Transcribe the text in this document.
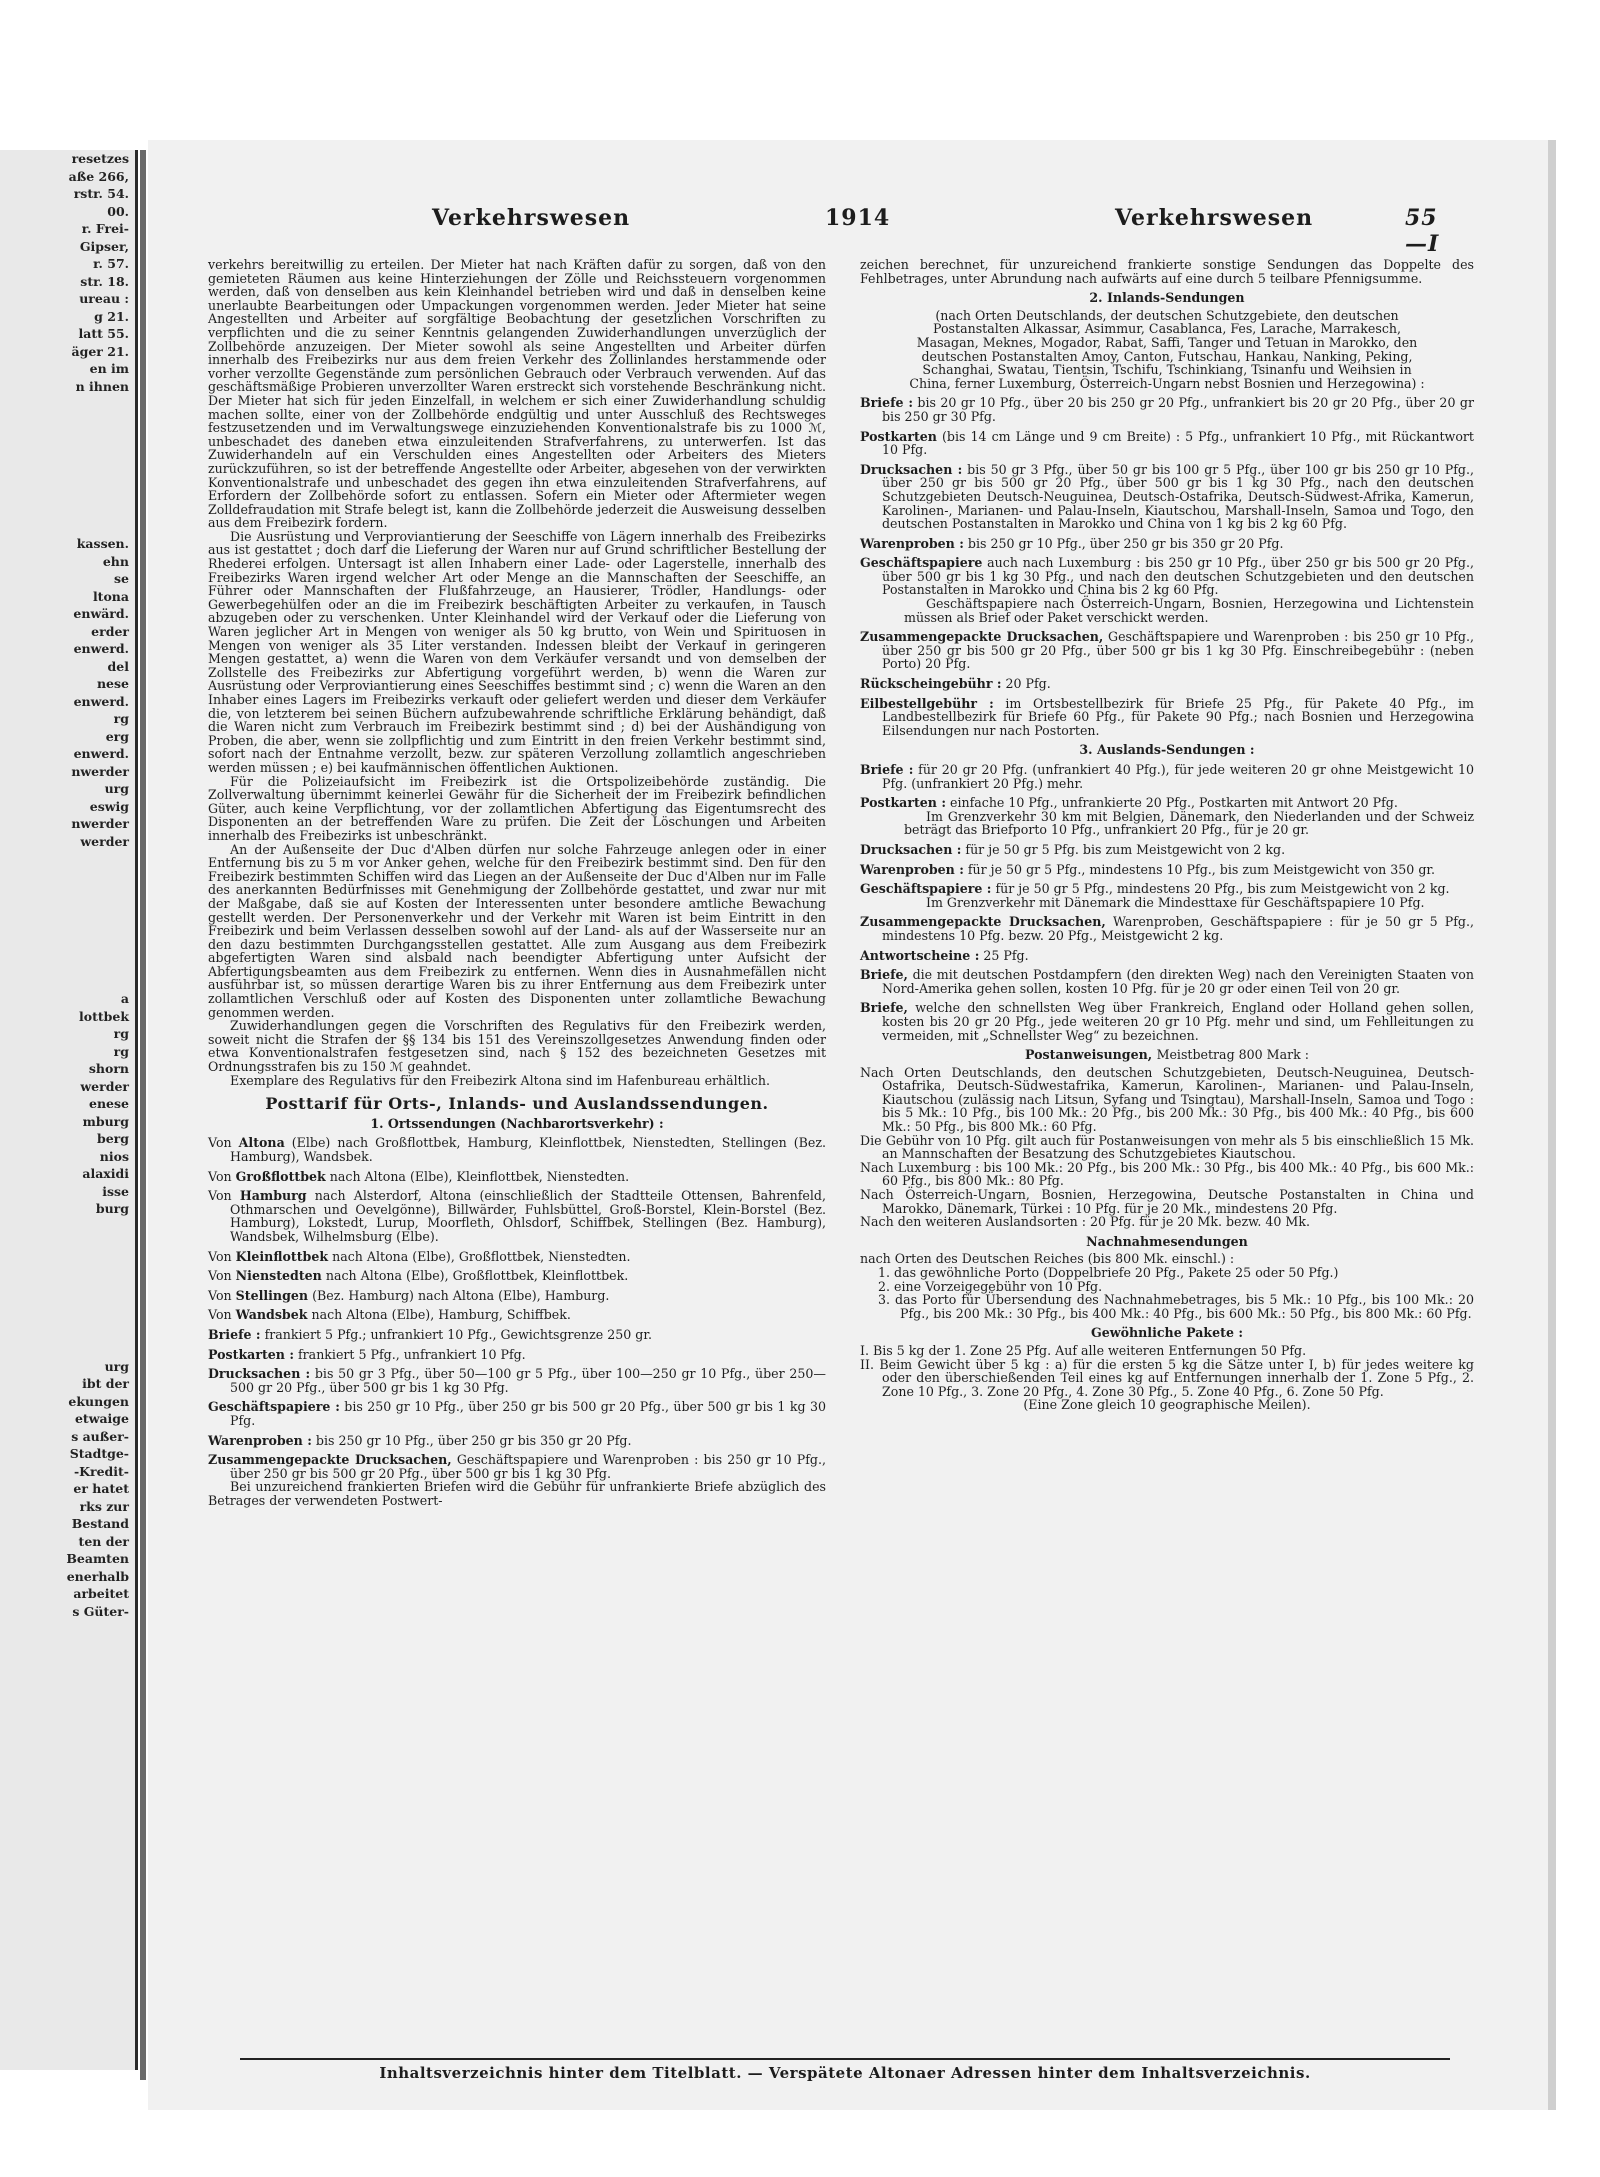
resetzes
aße 266,
rstr. 54.
00.
r. Frei-
Gipser,
r. 57.
str. 18.
ureau :
g 21.
latt 55.
äger 21.
en im
n ihnen
kassen.
ehn
se
ltona
enwärd.
erder
enwerd.
del
nese
enwerd.
rg
erg
enwerd.
nwerder
urg
eswig
nwerder
werder
a
lottbek
rg
rg
shorn
werder
enese
mburg
berg
nios
alaxidi
isse
burg
urg
ibt der
ekungen
etwaige
s außer-
Stadtge-
-Kredit-
er hatet
rks zur
Bestand
ten der
Beamten
enerhalb
arbeitet
s Güter-
Verkehrswesen	1914	Verkehrswesen	55—I

verkehrs bereitwillig zu erteilen. Der Mieter hat nach Kräften dafür zu sorgen, daß von den gemieteten Räumen aus keine Hinterziehungen der Zölle und Reichssteuern vorgenommen werden, daß von denselben aus kein Kleinhandel betrieben wird und daß in denselben keine unerlaubte Bearbeitungen oder Umpackungen vorgenommen werden. Jeder Mieter hat seine Angestellten und Arbeiter auf sorgfältige Beobachtung der gesetzlichen Vorschriften zu verpflichten und die zu seiner Kenntnis gelangenden Zuwiderhandlungen unverzüglich der Zollbehörde anzuzeigen. Der Mieter sowohl als seine Angestellten und Arbeiter dürfen innerhalb des Freibezirks nur aus dem freien Verkehr des Zollinlandes herstammende oder vorher verzollte Gegenstände zum persönlichen Gebrauch oder Verbrauch verwenden. Auf das geschäftsmäßige Probieren unverzollter Waren erstreckt sich vorstehende Beschränkung nicht. Der Mieter hat sich für jeden Einzelfall, in welchem er sich einer Zuwiderhandlung schuldig machen sollte, einer von der Zollbehörde endgültig und unter Ausschluß des Rechtsweges festzusetzenden und im Verwaltungswege einzuziehenden Konventionalstrafe bis zu 1000 ℳ, unbeschadet des daneben etwa einzuleitenden Strafverfahrens, zu unterwerfen. Ist das Zuwiderhandeln auf ein Verschulden eines Angestellten oder Arbeiters des Mieters zurückzuführen, so ist der betreffende Angestellte oder Arbeiter, abgesehen von der verwirkten Konventionalstrafe und unbeschadet des gegen ihn etwa einzuleitenden Strafverfahrens, auf Erfordern der Zollbehörde sofort zu entlassen. Sofern ein Mieter oder Aftermieter wegen Zolldefraudation mit Strafe belegt ist, kann die Zollbehörde jederzeit die Ausweisung desselben aus dem Freibezirk fordern.

Die Ausrüstung und Verproviantierung der Seeschiffe von Lägern innerhalb des Freibezirks aus ist gestattet ; doch darf die Lieferung der Waren nur auf Grund schriftlicher Bestellung der Rhederei erfolgen. Untersagt ist allen Inhabern einer Lade- oder Lagerstelle, innerhalb des Freibezirks Waren irgend welcher Art oder Menge an die Mannschaften der Seeschiffe, an Führer oder Mannschaften der Flußfahrzeuge, an Hausierer, Trödler, Handlungs- oder Gewerbegehülfen oder an die im Freibezirk beschäftigten Arbeiter zu verkaufen, in Tausch abzugeben oder zu verschenken. Unter Kleinhandel wird der Verkauf oder die Lieferung von Waren jeglicher Art in Mengen von weniger als 50 kg brutto, von Wein und Spirituosen in Mengen von weniger als 35 Liter verstanden. Indessen bleibt der Verkauf in geringeren Mengen gestattet, a) wenn die Waren von dem Verkäufer versandt und von demselben der Zollstelle des Freibezirks zur Abfertigung vorgeführt werden, b) wenn die Waren zur Ausrüstung oder Verproviantierung eines Seeschiffes bestimmt sind ; c) wenn die Waren an den Inhaber eines Lagers im Freibezirks verkauft oder geliefert werden und dieser dem Verkäufer die, von letzterem bei seinen Büchern aufzubewahrende schriftliche Erklärung behändigt, daß die Waren nicht zum Verbrauch im Freibezirk bestimmt sind ; d) bei der Aushändigung von Proben, die aber, wenn sie zollpflichtig und zum Eintritt in den freien Verkehr bestimmt sind, sofort nach der Entnahme verzollt, bezw. zur späteren Verzollung zollamtlich angeschrieben werden müssen ; e) bei kaufmännischen öffentlichen Auktionen.

Für die Polizeiaufsicht im Freibezirk ist die Ortspolizeibehörde zuständig. Die Zollverwaltung übernimmt keinerlei Gewähr für die Sicherheit der im Freibezirk befindlichen Güter, auch keine Verpflichtung, vor der zollamtlichen Abfertigung das Eigentumsrecht des Disponenten an der betreffenden Ware zu prüfen. Die Zeit der Löschungen und Arbeiten innerhalb des Freibezirks ist unbeschränkt.

An der Außenseite der Duc d'Alben dürfen nur solche Fahrzeuge anlegen oder in einer Entfernung bis zu 5 m vor Anker gehen, welche für den Freibezirk bestimmt sind. Den für den Freibezirk bestimmten Schiffen wird das Liegen an der Außenseite der Duc d'Alben nur im Falle des anerkannten Bedürfnisses mit Genehmigung der Zollbehörde gestattet, und zwar nur mit der Maßgabe, daß sie auf Kosten der Interessenten unter besondere amtliche Bewachung gestellt werden. Der Personenverkehr und der Verkehr mit Waren ist beim Eintritt in den Freibezirk und beim Verlassen desselben sowohl auf der Land- als auf der Wasserseite nur an den dazu bestimmten Durchgangsstellen gestattet. Alle zum Ausgang aus dem Freibezirk abgefertigten Waren sind alsbald nach beendigter Abfertigung unter Aufsicht der Abfertigungsbeamten aus dem Freibezirk zu entfernen. Wenn dies in Ausnahmefällen nicht ausführbar ist, so müssen derartige Waren bis zu ihrer Entfernung aus dem Freibezirk unter zollamtlichen Verschluß oder auf Kosten des Disponenten unter zollamtliche Bewachung genommen werden.

Zuwiderhandlungen gegen die Vorschriften des Regulativs für den Freibezirk werden, soweit nicht die Strafen der §§ 134 bis 151 des Vereinszollgesetzes Anwendung finden oder etwa Konventionalstrafen festgesetzen sind, nach § 152 des bezeichneten Gesetzes mit Ordnungsstrafen bis zu 150 ℳ geahndet.

Exemplare des Regulativs für den Freibezirk Altona sind im Hafenbureau erhältlich.

Posttarif für Orts-, Inlands- und Auslandssendungen.
1. Ortssendungen (Nachbarortsverkehr) :
Von Altona (Elbe) nach Großflottbek, Hamburg, Kleinflottbek, Nienstedten, Stellingen (Bez. Hamburg), Wandsbek.
Von Großflottbek nach Altona (Elbe), Kleinflottbek, Nienstedten.
Von Hamburg nach Alsterdorf, Altona (einschließlich der Stadtteile Ottensen, Bahrenfeld, Othmarschen und Oevelgönne), Billwärder, Fuhlsbüttel, Groß-Borstel, Klein-Borstel (Bez. Hamburg), Lokstedt, Lurup, Moorfleth, Ohlsdorf, Schiffbek, Stellingen (Bez. Hamburg), Wandsbek, Wilhelmsburg (Elbe).
Von Kleinflottbek nach Altona (Elbe), Großflottbek, Nienstedten.
Von Nienstedten nach Altona (Elbe), Großflottbek, Kleinflottbek.
Von Stellingen (Bez. Hamburg) nach Altona (Elbe), Hamburg.
Von Wandsbek nach Altona (Elbe), Hamburg, Schiffbek.
Briefe : frankiert 5 Pfg.; unfrankiert 10 Pfg., Gewichtsgrenze 250 gr.
Postkarten : frankiert 5 Pfg., unfrankiert 10 Pfg.
Drucksachen : bis 50 gr 3 Pfg., über 50—100 gr 5 Pfg., über 100—250 gr 10 Pfg., über 250—500 gr 20 Pfg., über 500 gr bis 1 kg 30 Pfg.
Geschäftspapiere : bis 250 gr 10 Pfg., über 250 gr bis 500 gr 20 Pfg., über 500 gr bis 1 kg 30 Pfg.
Warenproben : bis 250 gr 10 Pfg., über 250 gr bis 350 gr 20 Pfg.
Zusammengepackte Drucksachen, Geschäftspapiere und Warenproben : bis 250 gr 10 Pfg., über 250 gr bis 500 gr 20 Pfg., über 500 gr bis 1 kg 30 Pfg.

Bei unzureichend frankierten Briefen wird die Gebühr für unfrankierte Briefe abzüglich des Betrages der verwendeten Postwert-

zeichen berechnet, für unzureichend frankierte sonstige Sendungen das Doppelte des Fehlbetrages, unter Abrundung nach aufwärts auf eine durch 5 teilbare Pfennigsumme.

2. Inlands-Sendungen

(nach Orten Deutschlands, der deutschen Schutzgebiete, den deutschen Postanstalten Alkassar, Asimmur, Casablanca, Fes, Larache, Marrakesch, Masagan, Meknes, Mogador, Rabat, Saffi, Tanger und Tetuan in Marokko, den deutschen Postanstalten Amoy, Canton, Futschau, Hankau, Nanking, Peking, Schanghai, Swatau, Tientsin, Tschifu, Tschinkiang, Tsinanfu und Weihsien in China, ferner Luxemburg, Österreich-Ungarn nebst Bosnien und Herzegowina) :

Briefe : bis 20 gr 10 Pfg., über 20 bis 250 gr 20 Pfg., unfrankiert bis 20 gr 20 Pfg., über 20 gr bis 250 gr 30 Pfg.
Postkarten (bis 14 cm Länge und 9 cm Breite) : 5 Pfg., unfrankiert 10 Pfg., mit Rückantwort 10 Pfg.
Drucksachen : bis 50 gr 3 Pfg., über 50 gr bis 100 gr 5 Pfg., über 100 gr bis 250 gr 10 Pfg., über 250 gr bis 500 gr 20 Pfg., über 500 gr bis 1 kg 30 Pfg., nach den deutschen Schutzgebieten Deutsch-Neuguinea, Deutsch-Ostafrika, Deutsch-Südwest-Afrika, Kamerun, Karolinen-, Marianen- und Palau-Inseln, Kiautschou, Marshall-Inseln, Samoa und Togo, den deutschen Postanstalten in Marokko und China von 1 kg bis 2 kg 60 Pfg.
Warenproben : bis 250 gr 10 Pfg., über 250 gr bis 350 gr 20 Pfg.
Geschäftspapiere auch nach Luxemburg : bis 250 gr 10 Pfg., über 250 gr bis 500 gr 20 Pfg., über 500 gr bis 1 kg 30 Pfg., und nach den deutschen Schutzgebieten und den deutschen Postanstalten in Marokko und China bis 2 kg 60 Pfg.
Geschäftspapiere nach Österreich-Ungarn, Bosnien, Herzegowina und Lichtenstein müssen als Brief oder Paket verschickt werden.
Zusammengepackte Drucksachen, Geschäftspapiere und Warenproben : bis 250 gr 10 Pfg., über 250 gr bis 500 gr 20 Pfg., über 500 gr bis 1 kg 30 Pfg. Einschreibegebühr : (neben Porto) 20 Pfg.
Rückscheingebühr : 20 Pfg.
Eilbestellgebühr : im Ortsbestellbezirk für Briefe 25 Pfg., für Pakete 40 Pfg., im Landbestellbezirk für Briefe 60 Pfg., für Pakete 90 Pfg.; nach Bosnien und Herzegowina Eilsendungen nur nach Postorten.
3. Auslands-Sendungen :
Briefe : für 20 gr 20 Pfg. (unfrankiert 40 Pfg.), für jede weiteren 20 gr ohne Meistgewicht 10 Pfg. (unfrankiert 20 Pfg.) mehr.
Postkarten : einfache 10 Pfg., unfrankierte 20 Pfg., Postkarten mit Antwort 20 Pfg.
Im Grenzverkehr 30 km mit Belgien, Dänemark, den Niederlanden und der Schweiz beträgt das Briefporto 10 Pfg., unfrankiert 20 Pfg., für je 20 gr.
Drucksachen : für je 50 gr 5 Pfg. bis zum Meistgewicht von 2 kg.
Warenproben : für je 50 gr 5 Pfg., mindestens 10 Pfg., bis zum Meistgewicht von 350 gr.
Geschäftspapiere : für je 50 gr 5 Pfg., mindestens 20 Pfg., bis zum Meistgewicht von 2 kg.
Im Grenzverkehr mit Dänemark die Mindesttaxe für Geschäftspapiere 10 Pfg.
Zusammengepackte Drucksachen, Warenproben, Geschäftspapiere : für je 50 gr 5 Pfg., mindestens 10 Pfg. bezw. 20 Pfg., Meistgewicht 2 kg.
Antwortscheine : 25 Pfg.
Briefe, die mit deutschen Postdampfern (den direkten Weg) nach den Vereinigten Staaten von Nord-Amerika gehen sollen, kosten 10 Pfg. für je 20 gr oder einen Teil von 20 gr.
Briefe, welche den schnellsten Weg über Frankreich, England oder Holland gehen sollen, kosten bis 20 gr 20 Pfg., jede weiteren 20 gr 10 Pfg. mehr und sind, um Fehlleitungen zu vermeiden, mit „Schnellster Weg“ zu bezeichnen.
Postanweisungen, Meistbetrag 800 Mark :
Nach Orten Deutschlands, den deutschen Schutzgebieten, Deutsch-Neuguinea, Deutsch-Ostafrika, Deutsch-Südwestafrika, Kamerun, Karolinen-, Marianen- und Palau-Inseln, Kiautschou (zulässig nach Litsun, Syfang und Tsingtau), Marshall-Inseln, Samoa und Togo : bis 5 Mk.: 10 Pfg., bis 100 Mk.: 20 Pfg., bis 200 Mk.: 30 Pfg., bis 400 Mk.: 40 Pfg., bis 600 Mk.: 50 Pfg., bis 800 Mk.: 60 Pfg.
Die Gebühr von 10 Pfg. gilt auch für Postanweisungen von mehr als 5 bis einschließlich 15 Mk. an Mannschaften der Besatzung des Schutzgebietes Kiautschou.
Nach Luxemburg : bis 100 Mk.: 20 Pfg., bis 200 Mk.: 30 Pfg., bis 400 Mk.: 40 Pfg., bis 600 Mk.: 60 Pfg., bis 800 Mk.: 80 Pfg.
Nach Österreich-Ungarn, Bosnien, Herzegowina, Deutsche Postanstalten in China und Marokko, Dänemark, Türkei : 10 Pfg. für je 20 Mk., mindestens 20 Pfg.
Nach den weiteren Auslandsorten : 20 Pfg. für je 20 Mk. bezw. 40 Mk.
Nachnahmesendungen

nach Orten des Deutschen Reiches (bis 800 Mk. einschl.) :

1. das gewöhnliche Porto (Doppelbriefe 20 Pfg., Pakete 25 oder 50 Pfg.)
2. eine Vorzeigegebühr von 10 Pfg.
3. das Porto für Übersendung des Nachnahmebetrages, bis 5 Mk.: 10 Pfg., bis 100 Mk.: 20 Pfg., bis 200 Mk.: 30 Pfg., bis 400 Mk.: 40 Pfg., bis 600 Mk.: 50 Pfg., bis 800 Mk.: 60 Pfg.
Gewöhnliche Pakete :
I. Bis 5 kg der 1. Zone 25 Pfg. Auf alle weiteren Entfernungen 50 Pfg.
II. Beim Gewicht über 5 kg : a) für die ersten 5 kg die Sätze unter I, b) für jedes weitere kg oder den überschießenden Teil eines kg auf Entfernungen innerhalb der 1. Zone 5 Pfg., 2. Zone 10 Pfg., 3. Zone 20 Pfg., 4. Zone 30 Pfg., 5. Zone 40 Pfg., 6. Zone 50 Pfg.
(Eine Zone gleich 10 geographische Meilen).
Inhaltsverzeichnis hinter dem Titelblatt. — Verspätete Altonaer Adressen hinter dem Inhaltsverzeichnis.
